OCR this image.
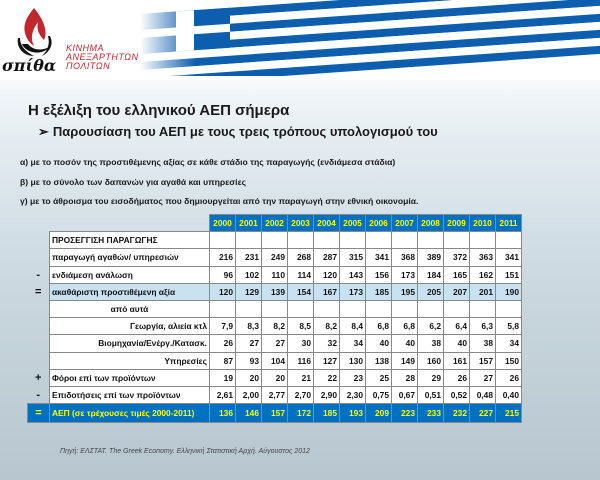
σπίθα
ΚΙΝΗΜΑ
ΑΝΕΞΑΡΤΗΤΩΝ
ΠΟΛΙΤΩΝ
Η εξέλιξη του ελληνικού ΑΕΠ σήμερα
➢ Παρουσίαση του ΑΕΠ με τους τρεις τρόπους υπολογισμού του
α) με το ποσόν της προστιθέμενης αξίας σε κάθε στάδιο της παραγωγής (ενδιάμεσα στάδια)
β) με το σύνολο των δαπανών για αγαθά και υπηρεσίες
γ) με το άθροισμα του εισοδήματος που δημιουργείται από την παραγωγή στην εθνική οικονομία.
		2000	2001	2002	2003	2004	2005	2006	2007	2008	2009	2010	2011
	ΠΡΟΣΕΓΓΙΣΗ ΠΑΡΑΓΩΓΗΣ												
	παραγωγή αγαθών/ υπηρεσιών	216	231	249	268	287	315	341	368	389	372	363	341
-	ενδιάμεση ανάλωση	96	102	110	114	120	143	156	173	184	165	162	151
=	ακαθάριστη προστιθέμενη αξία	120	129	139	154	167	173	185	195	205	207	201	190
	από αυτά												
	Γεωργία, αλιεία κτλ	7,9	8,3	8,2	8,5	8,2	8,4	6,8	6,8	6,2	6,4	6,3	5,8
	Βιομηχανία/Ενέργ./Κατασκ.	26	27	27	30	32	34	40	40	38	40	38	34
	Υπηρεσίες	87	93	104	116	127	130	138	149	160	161	157	150
+	Φόροι επί των προϊόντων	19	20	20	21	22	23	25	28	29	26	27	26
-	Επιδοτήσεις επί των προϊόντων	2,61	2,00	2,77	2,70	2,90	2,30	0,75	0,67	0,51	0,52	0,48	0,40
=	ΑΕΠ (σε τρέχουσες τιμές 2000-2011)	136	146	157	172	185	193	209	223	233	232	227	215
Πηγή: ΕΛΣΤΑΤ. The Greek Economy. Ελληνική Στατιστική Αρχή. Αύγουστος 2012
